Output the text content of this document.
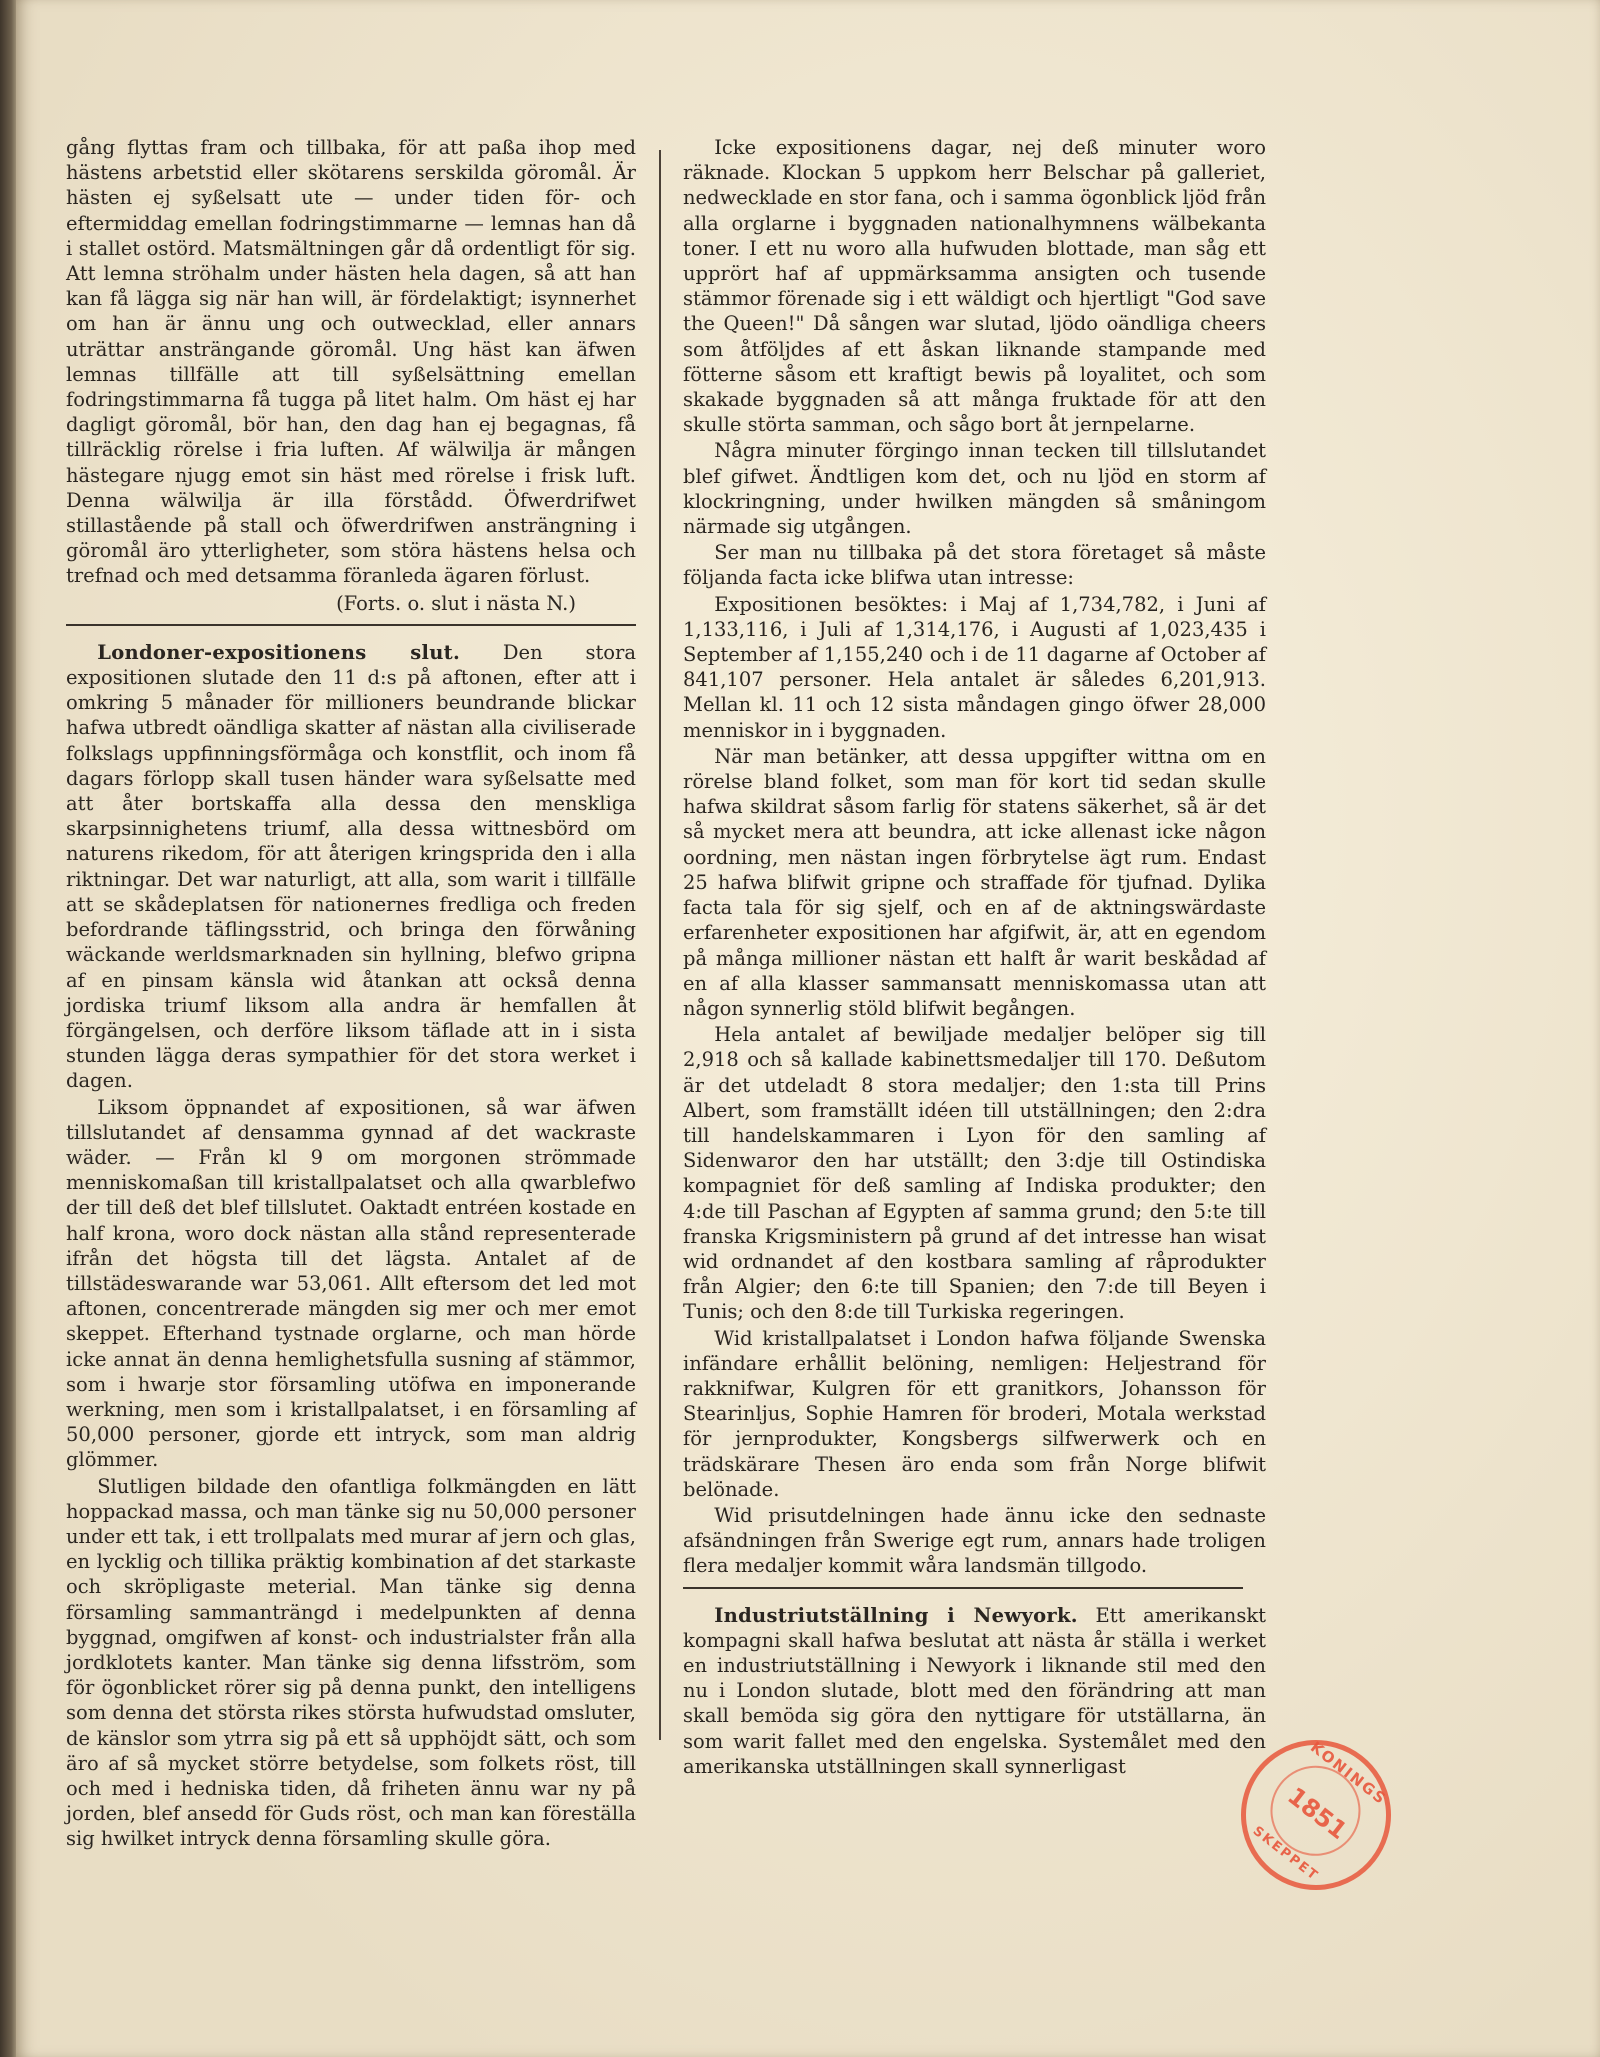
gång flyttas fram och tillbaka, för att paßa ihop med hästens arbetstid eller skötarens serskilda göromål. Är hästen ej syßelsatt ute — under tiden för- och eftermiddag emellan fodringstimmarne — lemnas han då i stallet ostörd. Matsmältningen går då ordentligt för sig. Att lemna ströhalm under hästen hela dagen, så att han kan få lägga sig när han will, är fördelaktigt; isynnerhet om han är ännu ung och outwecklad, eller annars uträttar ansträngande göromål. Ung häst kan äfwen lemnas tillfälle att till syßelsättning emellan fodringstimmarna få tugga på litet halm. Om häst ej har dagligt göromål, bör han, den dag han ej begagnas, få tillräcklig rörelse i fria luften. Af wälwilja är mången hästegare njugg emot sin häst med rörelse i frisk luft. Denna wälwilja är illa förstådd. Öfwerdrifwet stillastående på stall och öfwerdrifwen ansträngning i göromål äro ytterligheter, som störa hästens helsa och trefnad och med detsamma föranleda ägaren förlust.

(Forts. o. slut i nästa N.)

Londoner-expositionens slut. Den stora expositionen slutade den 11 d:s på aftonen, efter att i omkring 5 månader för millioners beundrande blickar hafwa utbredt oändliga skatter af nästan alla civiliserade folkslags uppfinningsförmåga och konstflit, och inom få dagars förlopp skall tusen händer wara syßelsatte med att åter bortskaffa alla dessa den menskliga skarpsinnighetens triumf, alla dessa wittnesbörd om naturens rikedom, för att återigen kringsprida den i alla riktningar. Det war naturligt, att alla, som warit i tillfälle att se skådeplatsen för nationernes fredliga och freden befordrande täflingsstrid, och bringa den förwåning wäckande werldsmarknaden sin hyllning, blefwo gripna af en pinsam känsla wid åtankan att också denna jordiska triumf liksom alla andra är hemfallen åt förgängelsen, och derföre liksom täflade att in i sista stunden lägga deras sympathier för det stora werket i dagen.

Liksom öppnandet af expositionen, så war äfwen tillslutandet af densamma gynnad af det wackraste wäder. — Från kl 9 om morgonen strömmade menniskomaßan till kristallpalatset och alla qwarblefwo der till deß det blef tillslutet. Oaktadt entréen kostade en half krona, woro dock nästan alla stånd representerade ifrån det högsta till det lägsta. Antalet af de tillstädeswarande war 53,061. Allt eftersom det led mot aftonen, concentrerade mängden sig mer och mer emot skeppet. Efterhand tystnade orglarne, och man hörde icke annat än denna hemlighetsfulla susning af stämmor, som i hwarje stor församling utöfwa en imponerande werkning, men som i kristallpalatset, i en församling af 50,000 personer, gjorde ett intryck, som man aldrig glömmer.

Slutligen bildade den ofantliga folkmängden en lätt hoppackad massa, och man tänke sig nu 50,000 personer under ett tak, i ett trollpalats med murar af jern och glas, en lycklig och tillika präktig kombination af det starkaste och skröpligaste meterial. Man tänke sig denna församling sammanträngd i medelpunkten af denna byggnad, omgifwen af konst- och industrialster från alla jordklotets kanter. Man tänke sig denna lifsström, som för ögonblicket rörer sig på denna punkt, den intelligens som denna det största rikes största hufwudstad omsluter, de känslor som ytrra sig på ett så upphöjdt sätt, och som äro af så mycket större betydelse, som folkets röst, till och med i hedniska tiden, då friheten ännu war ny på jorden, blef ansedd för Guds röst, och man kan föreställa sig hwilket intryck denna församling skulle göra.

Icke expositionens dagar, nej deß minuter woro räknade. Klockan 5 uppkom herr Belschar på galleriet, nedwecklade en stor fana, och i samma ögonblick ljöd från alla orglarne i byggnaden nationalhymnens wälbekanta toner. I ett nu woro alla hufwuden blottade, man såg ett upprört haf af uppmärksamma ansigten och tusende stämmor förenade sig i ett wäldigt och hjertligt "God save the Queen!" Då sången war slutad, ljödo oändliga cheers som åtföljdes af ett åskan liknande stampande med fötterne såsom ett kraftigt bewis på loyalitet, och som skakade byggnaden så att många fruktade för att den skulle störta samman, och sågo bort åt jernpelarne.

Några minuter förgingo innan tecken till tillslutandet blef gifwet. Ändtligen kom det, och nu ljöd en storm af klockringning, under hwilken mängden så småningom närmade sig utgången.

Ser man nu tillbaka på det stora företaget så måste följanda facta icke blifwa utan intresse:

Expositionen besöktes: i Maj af 1,734,782, i Juni af 1,133,116, i Juli af 1,314,176, i Augusti af 1,023,435 i September af 1,155,240 och i de 11 dagarne af October af 841,107 personer. Hela antalet är således 6,201,913. Mellan kl. 11 och 12 sista måndagen gingo öfwer 28,000 menniskor in i byggnaden.

När man betänker, att dessa uppgifter wittna om en rörelse bland folket, som man för kort tid sedan skulle hafwa skildrat såsom farlig för statens säkerhet, så är det så mycket mera att beundra, att icke allenast icke någon oordning, men nästan ingen förbrytelse ägt rum. Endast 25 hafwa blifwit gripne och straffade för tjufnad. Dylika facta tala för sig sjelf, och en af de aktningswärdaste erfarenheter expositionen har afgifwit, är, att en egendom på många millioner nästan ett halft år warit beskådad af en af alla klasser sammansatt menniskomassa utan att någon synnerlig stöld blifwit begången.

Hela antalet af bewiljade medaljer belöper sig till 2,918 och så kallade kabinettsmedaljer till 170. Deßutom är det utdeladt 8 stora medaljer; den 1:sta till Prins Albert, som framställt idéen till utställningen; den 2:dra till handelskammaren i Lyon för den samling af Sidenwaror den har utställt; den 3:dje till Ostindiska kompagniet för deß samling af Indiska produkter; den 4:de till Paschan af Egypten af samma grund; den 5:te till franska Krigsministern på grund af det intresse han wisat wid ordnandet af den kostbara samling af råprodukter från Algier; den 6:te till Spanien; den 7:de till Beyen i Tunis; och den 8:de till Turkiska regeringen.

Wid kristallpalatset i London hafwa följande Swenska infändare erhållit belöning, nemligen: Heljestrand för rakknifwar, Kulgren för ett granitkors, Johansson för Stearinljus, Sophie Hamren för broderi, Motala werkstad för jernprodukter, Kongsbergs silfwerwerk och en trädskärare Thesen äro enda som från Norge blifwit belönade.

Wid prisutdelningen hade ännu icke den sednaste afsändningen från Swerige egt rum, annars hade troligen flera medaljer kommit wåra landsmän tillgodo.

Industriutställning i Newyork. Ett amerikanskt kompagni skall hafwa beslutat att nästa år ställa i werket en industriutställning i Newyork i liknande stil med den nu i London slutade, blott med den förändring att man skall bemöda sig göra den nyttigare för utställarna, än som warit fallet med den engelska. Systemålet med den amerikanska utställningen skall synnerligast	KONINGS
1851
SKEPPET
